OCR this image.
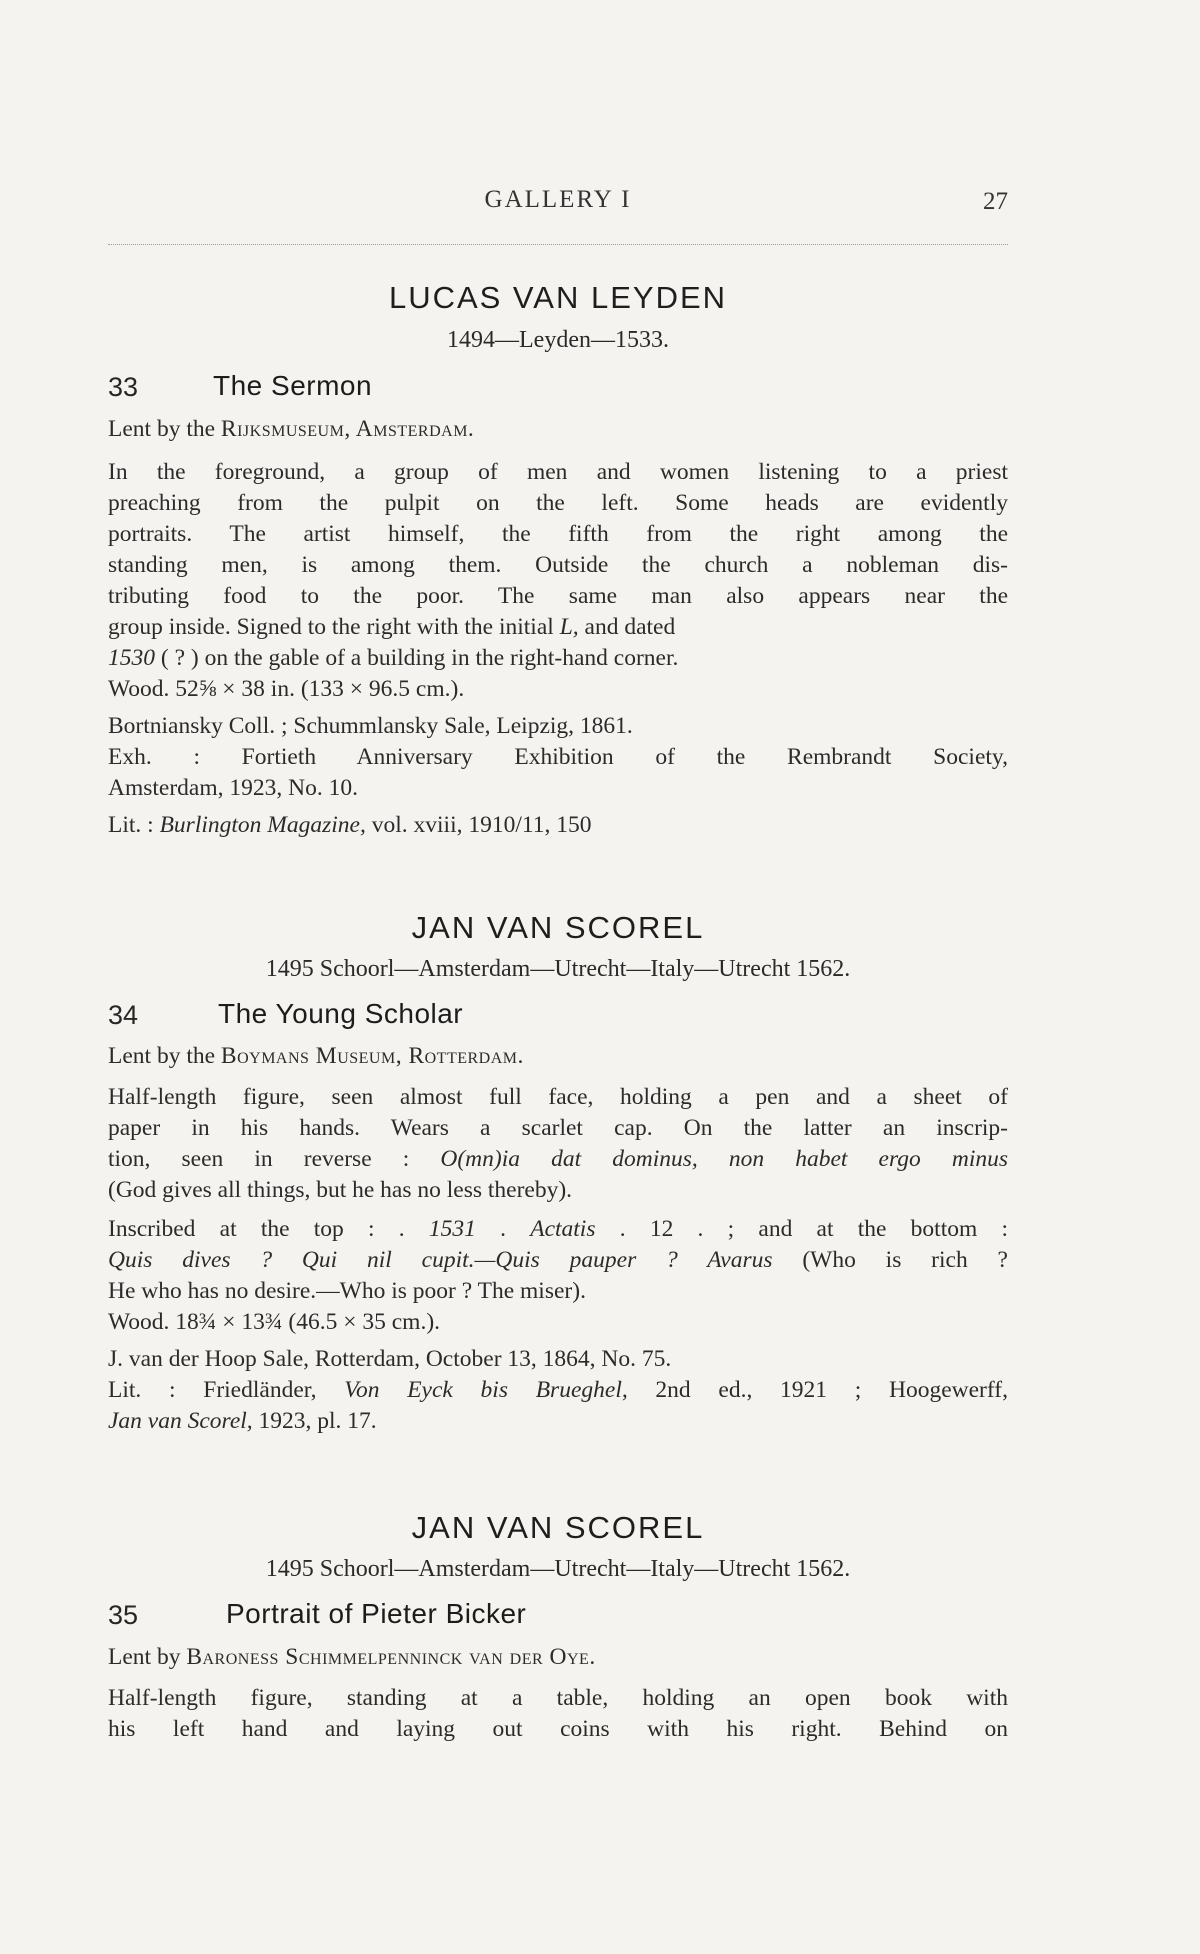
GALLERY I	27
LUCAS VAN LEYDEN
1494—Leyden—1533.
33	The Sermon
Lent by the Rijksmuseum, Amsterdam.
In the foreground, a group of men and women listening to a priest
preaching from the pulpit on the left. Some heads are evidently
portraits. The artist himself, the fifth from the right among the
standing men, is among them. Outside the church a nobleman dis-
tributing food to the poor. The same man also appears near the
group inside. Signed to the right with the initial L, and dated
1530 ( ? ) on the gable of a building in the right-hand corner.
Wood. 52⅝ × 38 in. (133 × 96.5 cm.).
Bortniansky Coll. ; Schummlansky Sale, Leipzig, 1861.
Exh. : Fortieth Anniversary Exhibition of the Rembrandt Society,
Amsterdam, 1923, No. 10.
Lit. : Burlington Magazine, vol. xviii, 1910/11, 150
JAN VAN SCOREL
1495 Schoorl—Amsterdam—Utrecht—Italy—Utrecht 1562.
34	The Young Scholar
Lent by the Boymans Museum, Rotterdam.
Half-length figure, seen almost full face, holding a pen and a sheet of
paper in his hands. Wears a scarlet cap. On the latter an inscrip-
tion, seen in reverse : O(mn)ia dat dominus, non habet ergo minus
(God gives all things, but he has no less thereby).
Inscribed at the top : . 1531 . Actatis . 12 . ; and at the bottom :
Quis dives ? Qui nil cupit.—Quis pauper ? Avarus (Who is rich ?
He who has no desire.—Who is poor ? The miser).
Wood. 18¾ × 13¾ (46.5 × 35 cm.).
J. van der Hoop Sale, Rotterdam, October 13, 1864, No. 75.
Lit. : Friedländer, Von Eyck bis Brueghel, 2nd ed., 1921 ; Hoogewerff,
Jan van Scorel, 1923, pl. 17.
JAN VAN SCOREL
1495 Schoorl—Amsterdam—Utrecht—Italy—Utrecht 1562.
35	Portrait of Pieter Bicker
Lent by Baroness Schimmelpenninck van der Oye.
Half-length figure, standing at a table, holding an open book with
his left hand and laying out coins with his right. Behind on
